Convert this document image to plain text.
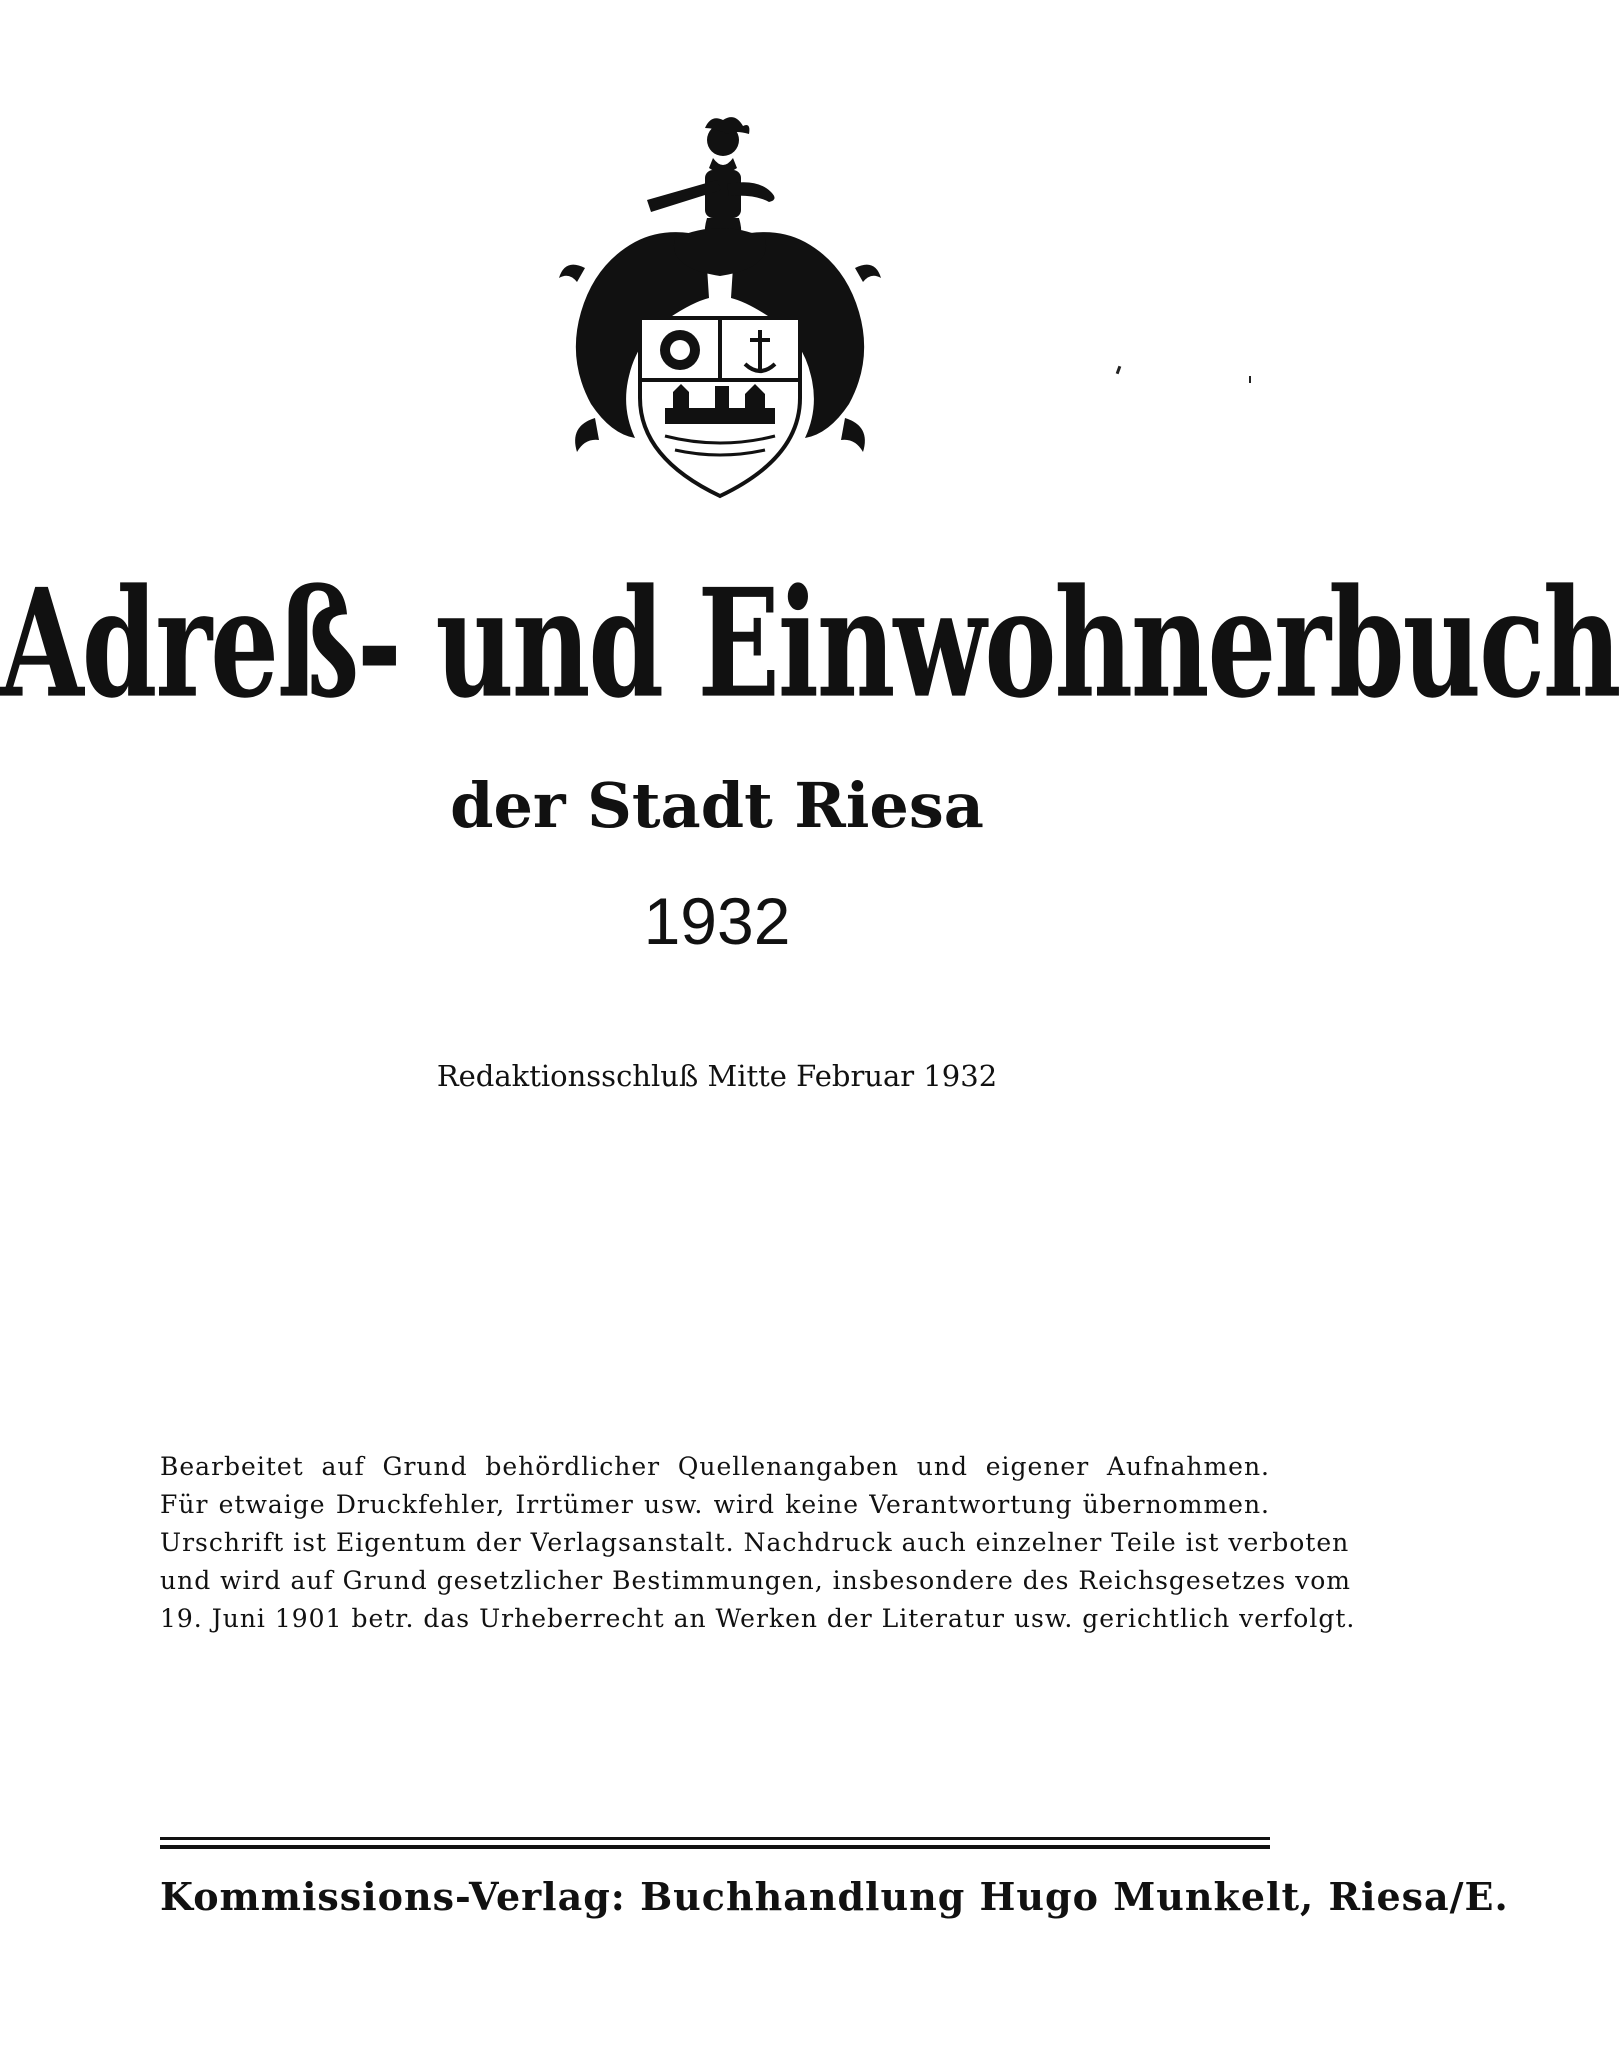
Adreß- und Einwohnerbuch
der Stadt Riesa
1932
Redaktionsschluß Mitte Februar 1932
Bearbeitet auf Grund behördlicher Quellenangaben und eigener Aufnahmen.
Für etwaige Druckfehler, Irrtümer usw. wird keine Verantwortung übernommen.
Urschrift ist Eigentum der Verlagsanstalt. Nachdruck auch einzelner Teile ist verboten
und wird auf Grund gesetzlicher Bestimmungen, insbesondere des Reichsgesetzes vom
19. Juni 1901 betr. das Urheberrecht an Werken der Literatur usw. gerichtlich verfolgt.
Kommissions-Verlag: Buchhandlung Hugo Munkelt, Riesa/E.
